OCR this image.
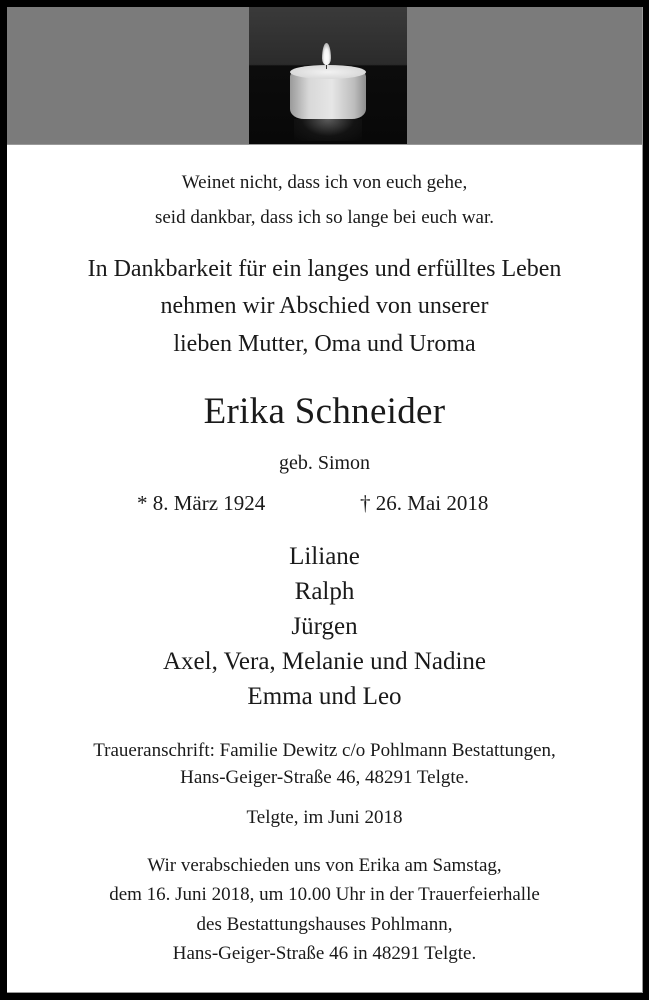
Weinet nicht, dass ich von euch gehe,
seid dankbar, dass ich so lange bei euch war.
In Dankbarkeit für ein langes und erfülltes Leben
nehmen wir Abschied von unserer
lieben Mutter, Oma und Uroma
Erika Schneider
geb. Simon
* 8. März 1924	† 26. Mai 2018
Liliane
Ralph
Jürgen
Axel, Vera, Melanie und Nadine
Emma und Leo
Traueranschrift: Familie Dewitz c/o Pohlmann Bestattungen,
Hans-Geiger-Straße 46, 48291 Telgte.
Telgte, im Juni 2018
Wir verabschieden uns von Erika am Samstag,
dem 16. Juni 2018, um 10.00 Uhr in der Trauerfeierhalle
des Bestattungshauses Pohlmann,
Hans-Geiger-Straße 46 in 48291 Telgte.
